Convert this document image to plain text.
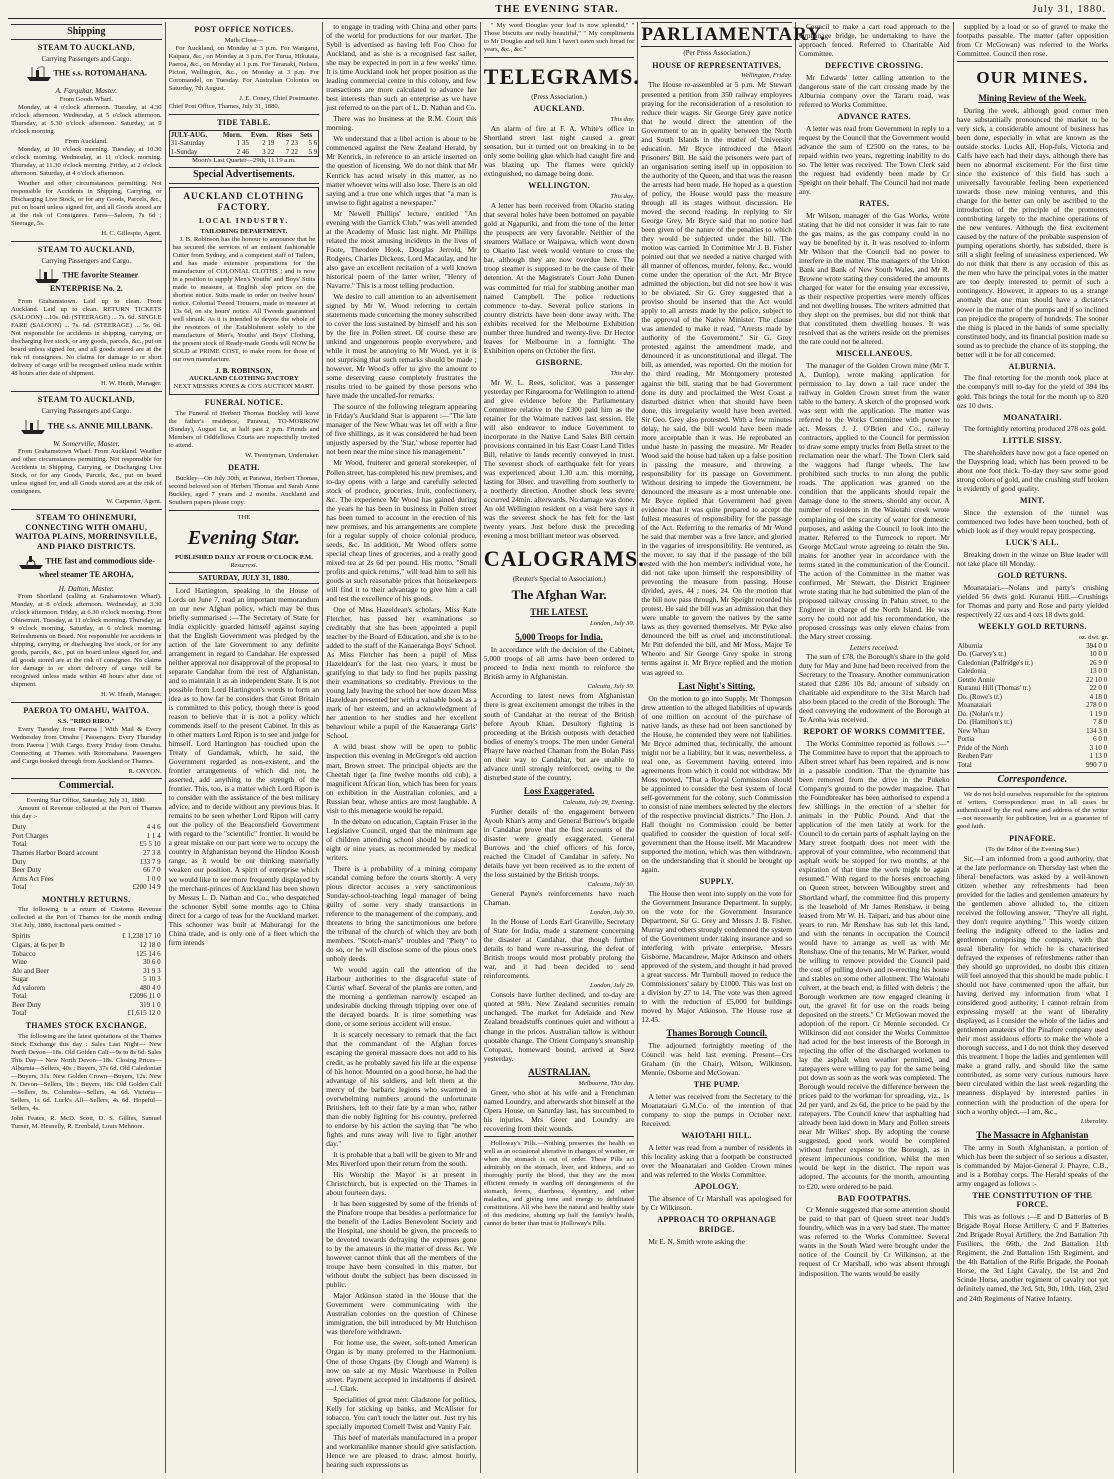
THE EVENING STAR.	July 31, 1880.
Shipping
STEAM TO AUCKLAND,
Carrying Passengers and Cargo.
THE s.s. ROTOMAHANA.
A. Farquhar, Master.
From Goods Wharf.

Monday, at 4 o'clock afternoon. Tuesday, at 4.30 o'clock afternoon. Wednesday, at 5 o'clock afternoon. Thursday, at 5.30 o'clock afternoon. Saturday, at 9 o'clock morning.

From Auckland.

Monday, at 10 o'clock morning. Tuesday, at 10.30 o'clock morning. Wednesday, at 11 o'clock morning. Thursday, at 11.30 o'clock morning. Friday, at 2 o'clock afternoon. Saturday, at 4 o'clock afternoon.

Weather and other circumstances permitting. Not responsible for Accidents in Shipping, Carrying, or Discharging Live Stock, or for any Goods, Parcels, &c., put on board unless signed for, and all Goods stored are at the risk of Consignees. Fares—Saloon, 7s 6d ; Steerage, 5s.

H. C. Gillespie, Agent.
STEAM TO AUCKLAND,
Carrying Passengers and Cargo.
THE favorite Steamer ENTERPRISE No. 2.

From Grahamstown. Laid up to clean. From Auckland. Laid up to clean. RETURN TICKETS (SALOON) ...10s. 0d. (STEERAGE) ... 7s. 6d. SINGLE FARE (SALOON) ... 7s. 6d. (STEERAGE) ... 5s. 0d. Not responsible for accidents in shipping, carrying, or discharging live stock, or any goods, parcels, &c., put on board unless signed for, and all goods stored are at the risk of consignees. No claims for damage to or short delivery of cargo will be recognised unless made within 48 hours after date of shipment.

H. W. Heath, Manager.
STEAM TO AUCKLAND,
Carrying Passengers and Cargo.
THE s.s. ANNIE MILLBANK.
W. Somerville, Master.

From Grahamstown Wharf. From Auckland. Weather and other circumstances permitting. Not responsible for Accidents in Shipping, Carrying, or Discharging Live Stock, or for any Goods, Parcels, &c., put on board unless signed for, and all Goods stored are at the risk of consignees.

W. Carpenter, Agent.
STEAM TO OHINEMURI, CONNECTING WITH OMAHU, WAITOA PLAINS, MORRINSVILLE, AND PIAKO DISTRICTS.
THE fast and commodious side-wheel steamer TE AROHA,
H. Dalton, Master.

From Shortland (calling at Grahamstown Wharf). Monday, at 8 o'clock afternoon. Wednesday, at 3.30 o'clock afternoon. Friday, at 6.30 o'clock morning. From Ohinemuri. Tuesday, at 11 o'clock morning. Thursday, at 9 o'clock morning. Saturday, at 6 o'clock morning. Refreshments on Board. Not responsible for accidents in shipping, carrying, or discharging live stock, or for any goods, parcels, &c., put on board unless signed for, and all goods stored are at the risk of consignee. No claims for damage to or short delivery of cargo will be recognised unless made within 48 hours after date of shipment.

H. W. Heath, Manager.
PAEROA TO OMAHU, WAITOA.
S.S. "RIRO RIRO."

Every Tuesday from Paeroa | With Mail & Every Wednesday from Omahu | Passengers. Every Thursday from Paeroa | With Cargo. Every Friday from Omahu. Connecting at Thames with Rotomahana. Passengers and Cargo booked through from Auckland or Thames.

R. ONYON.
Commercial.
Evening Star Office, Saturday, July 31, 1880.

Amount of Revenue collected at the Port of Thames this day :-

Duty	4 4 6
Port Charges	1 1 4
Total	£5 5 10
Thames Harbor Board account	27 3 8
Duty	133 7 9
Beer Duty	66 7 0
Arms Act Fees	1 0 0
Total	£200 14 9
MONTHLY RETURNS.

The following is a return of Customs Revenue collected at the Port of Thames for the month ending 31st July, 1880, fractional parts omitted :-

Spirits	£ 1,238 17 10
Cigars, at 6s per lb	12 18 0
Tobacco	125 14 6
Wine	30 6 0
Ale and Beer	31 9 3
Sugar	5 10 3
Ad valorem	480 4 0
Total	£2096 11 0
Beer Duty	319 1 0
Total	£1,615 12 0
THAMES STOCK EXCHANGE.

The following are the latest quotations of the Thames Stock Exchange this day : Sales Last Night— New North Devon—18s. Old Golden Calf—9s to 8s 6d. Sales This Day— New North Devon—18s. Closing Prices— Alburnia—Sellers, 40s ; Buyers, 37s 6d. Old Caledonian—Buyers, 31s. New Golden Crown—Buyers, 12s. New N. Devon—Sellers, 18s ; Buyers, 18s. Old Golden Calf—Sellers, 9s. Columbia—Sellers, 4s 6d. Victoria—Sellers, 1s 6d. Luck's All—Sellers, 4s 6d. Hopeful—Sellers, 4s.

John Feates, R. McD. Scott, D. S. Gillies, Samuel Turner, M. Hesnelly, R. Erenbald, Louis Mehnore.

POST OFFICE NOTICES.
Mails Close—

For Auckland, on Monday at 3 p.m. For Wangarei, Kaipara, &c., on Monday at 3 p.m. For Turua, Hikutaia, Paeroa, &c., on Monday at 1 p.m. For Taranaki, Nelson, Picton, Wellington, &c., on Monday at 3 p.m. For Coromandel, on Tuesday. For Australian Colonies on Saturday, 7th August.

J. E. Coney, Chief Postmaster.
Chief Post Office, Thames, July 31, 1880.
TIDE TABLE.
JULY-AUG.	Morn.	Even.	Rises	Sets
31-Saturday	1 35	2 19	7 23	5 6
1-Sunday	2 46	3 22	7 22	5 9
Moon's Last Quarter—29th, 11.19 a.m.
Special Advertisements.
AUCKLAND CLOTHING FACTORY.
LOCAL INDUSTRY.
TAILORING DEPARTMENT.

J. B. Robinson has the honour to announce that he has secured the services of an eminent fashionable Cutter from Sydney, and a competent staff of Tailors, and has made extensive preparations for the manufacture of COLONIAL CLOTHS ; and is now in a position to supply Men's Youths' and Boys' Suits made to measure, at English slop prices on the shortest notice. Suits made to order on twelve hours' notice. Colonial Tweed Trousers, made to measure at 13s 6d, on six hours' notice. All Tweeds guaranteed well shrunk. As it is intended to devote the whole of the resources of the Establishment solely to the manufacture of Men's, Youths' and Boys' Clothing, the present stock of Ready-made Goods will NOW be SOLD at PRIME COST, to make room for those of our own manufacture.

J. B. ROBINSON,
AUCKLAND CLOTHING FACTORY
NEXT MESSRS JONES & CO'S AUCTION MART.
FUNERAL NOTICE.

The Funeral of Herbert Thomas Buckley will leave the father's residence, Parawai, TO-MORROW (Sunday), August 1st, at half past 2 p.m. Friends and Members of Oddfellows Courts are respectfully invited to attend.

W. Twentyman, Undertaker.
DEATH.

Buckley—On July 30th, at Parawai, Herbert Thomas, second beloved son of Herbert Thomas and Sarah Anne Buckley, aged 7 years and 2 months. Auckland and Southern papers please copy.

THE
Evening Star.
PUBLISHED DAILY AT FOUR O'CLOCK P.M.
Resurrexi.
SATURDAY, JULY 31, 1880.

Lord Hartington, speaking in the House of Lords on June 7, read an important memorandum on our new Afghan policy, which may be thus briefly summarised :—The Secretary of State for India explicitly guarded himself against saying that the English Government was pledged by the action of the late Government to any definite arrangement in regard to Candahar. He expressed neither approval nor disapproval of the proposal to separate Candahar from the rest of Afghanistan, and to maintain it as an independent State. It is not possible from Lord Hartington's words to form an idea as to how far he considers that Great Britain is committed to this policy, though there is good reason to believe that it is not a policy which commends itself to the present Cabinet. In this as in other matters Lord Ripon is to see and judge for himself. Lord Hartington has touched upon the Treaty of Gandamak, which, he said, the Government regarded as non-existent, and the frontier arrangements of which did not, he asserted, add anything to the strength of the frontier. This, too, is a matter which Lord Ripon is to consider with the assistance of the best military advice, and to decide without any previous bias. It remains to be seen whether Lord Ripon will carry out the policy of the Beaconsfield Government with regard to the "scientific" frontier. It would be a great mistake on our part were we to occupy the country in Afghanistan beyond the Hindoo Koosh range, as it would be our thinking materially weaken our position. A spirit of enterprise which we would like to see more frequently displayed by the merchant-princes of Auckland has been shown by Messrs L. D. Nathan and Co., who despatched the schooner Sybil some months ago to China direct for a cargo of teas for the Auckland market. This schooner was built at Mahurangi for the China trade, and is only one of a fleet which the firm intends

to engage in trading with China and other parts of the world for productions for our market. The Sybil is advertised as having left Foo Choo for Auckland, and as she is a recognised fast sailer, she may be expected in port in a few weeks' time. It is time Auckland took her proper position as the leading commercial centre in this colony, and few transactions are more calculated to advance her best interests than such an enterprise as we have just referred to on the part of L. D. Nathan and Co.

There was no business at the R.M. Court this morning.

We understand that a libel action is about to be commenced against the New Zealand Herald, by Mr Kenrick, in reference to an article inserted on the question of licensing. We do not think that Mr Kenrick has acted wisely in this matter, as no matter whoever wins will also lose. There is an old saying and a true one which urges that "a man is unwise to fight against a newspaper."

Mr Newell Phillips' lecture, entitled "An evening with the Garrick Club," was well attended at the Academy of Music last night. Mr Phillips related the most amusing incidents in the lives of Foote, Theodore Hook, Douglas Jerrold, Mr Rodgers, Charles Dickens, Lord Macaulay, and he also gave an excellent recitation of a well known historical poem of the latter writer, "Henry of Navarre." This is a most telling production.

We desire to call attention to an advertisement signed by Mr W. Wood referring to certain statements made concerning the money subscribed to cover the loss sustained by himself and his son by the fire in Pollen street. Of course these are unkind and ungenerous people everywhere, and while it must be annoying to Mr Wood, yet it is not surprising that such remarks should be made ; however, Mr Wood's offer to give the amount to some deserving cause completely frustrates the results tried to be gained by those persons who have made the uncalled-for remarks.

The source of the following telegram appearing in Friday's Auckland Star is apparent :—"The late manager of the New Whau was let off with a fine of five shillings, as it was considered he had been unjustly aspersed by the 'Star,' whose reporter had not been near the mine since his management."

Mr Wood, fruiterer and general storekeeper, of Pollen street, has completed his new premises, and to-day opens with a large and carefully selected stock of produce, groceries, fruit, confectionery, &c. The experience Mr Wood has gained during the years he has been in business in Pollen street has been turned to account in the erection of his new premises, and his arrangements are complete for a regular supply of choice colonial produce, seeds, &c. In addition, Mr Wood offers some special cheap lines of groceries, and a really good mixed tea at 2s 6d per pound. His motto, "Small profits and quick returns," will lead him to sell his goods at such reasonable prices that housekeepers will find it to their advantage to give him a call and test the excellence of his goods.

One of Miss Hazeldean's scholars, Miss Kate Fletcher, has passed her examinations so creditably that she has been appointed a pupil teacher by the Board of Education, and she is to be added to the staff of the Kauaeranga Boys' School. As Miss Fletcher has been a pupil of Miss Hazeldean's for the last two years, it must be gratifying to that lady to find her pupils passing their examinations so creditably. Previous to the young lady leaving the school her now dozen Miss Hazeldean presented her with a valuable book as a mark of her esteem, and an acknowledgment of her attention to her studies and her excellent behaviour while a pupil of the Kauaeranga Girls' School.

A wild beast show will be open to public inspection this evening in McGregor's old auction mart, Brown street. The principal objects are the Cheetah tiger (a fine twelve months old cub), a magnificent African lion, which has been for years on exhibition in the Australian colonies, and a Russian bear, whose antics are most laughable. A visit to this menagerie would be repaid.

In the debate on education, Captain Fraser in the Legislative Council, urged that the minimum age of children attending school should be raised to eight or nine years, as recommended by medical writers.

There is a probability of a mining company scandal coming before the courts shortly. A very pious director accuses a very sanctimonious Sunday-school-teaching legal manager of being guilty of some very shady transactions in reference to the management of the company, and threatens to bring the sanctimonious one before the tribunal of the church of which they are both members. "Scotch-man's" troubles and "Piety" to do so, or he will disclose some of the pious one's unholy deeds.

We would again call the attention of the Harbour authorities to the disgraceful state of Curtis' wharf. Several of the planks are rotten, and the morning a gentleman narrowly escaped an undesirable ducking through tripping over one of the decayed boards. It is time something was done, or some serious accident will ensue.

It is scarcely necessary to remark that the fact that the commandant of the Afghan forces escaping the general massacre does not add to his credit, as he probably saved his life at the expense of his honor. Mounted on a good horse, he had the advantage of his soldiers, and left them at the mercy of the barbaric legions who swarmed in overwhelming numbers around the unfortunate Britishers, left to their fate by a man who, rather than die nobly fighting for his country, preferred to endorse by his action the saying that "he who fights and runs away will live to fight another day."

It is probable that a ball will be given to Mr and Mrs Riverford upon their return from the south.

His Worship the Mayor is at present in Christchurch, but is expected on the Thames in about fourteen days.

It has been suggested by some of the friends of the Pinafore troupe that besides a performance for the benefit of the Ladies Benevolent Society and the Hospital, one should be given, the proceeds to be devoted towards defraying the expenses gone to by the amateurs in the matter of dress &c. We however cannot think that all the members of the troupe have been consulted in this matter, but without doubt the subject has been discussed in public.

Major Atkinson stated in the House that the Government were communicating with the Australian colonies on the question of Chinese immigration, the bill introduced by Mr Hutchison was therefore withdrawn.

For home use, the sweet, soft-toned American Organ is by many preferred to the Harmonium. One of those Organs (by Clough and Warren) is now on sale at my Music Warehouse in Pollen street. Payment accepted in instalments if desired.—J. Clark.

Specialities of great men: Gladstone for politics, Kelly for sticking up banks, and McAlister for tobacco. You can't touch the latter out. Just try his specially imported Cornell Twist and Vanity Fair.

This beef of materials manufactured in a proper and workmanlike manner should give satisfaction. Hence we are pleased to draw, almost hourly, hearing such expressions as

" My word Douglas your loaf is now splendid," " Those biscuits are really beautiful," " My compliments to Mr Douglas and tell him I havn't eaten such bread for years, &c., &c."

TELEGRAMS.
(Press Association.)
AUCKLAND.
This day.

An alarm of fire at F. A. White's office in Shortland street last night caused a great sensation, but it turned out on breaking in to be only some boiling glue which had caught fire and was blazing up. The flames were quickly extinguished, no damage being done.

WELLINGTON.
This day.

A letter has been received from Okarito stating that several holes have been bottomed on payable gold at Ngapuriki, and from the tone of the letter the prospects are very favorable. Neither of the steamers Wallace or Waipawa, which went down to Okarito last week would venture to cross the bar, although they are now overdue here. The troop steamer is supposed to be the cause of their detention. At the Magistrate's Court John Dunen was committed for trial for stabbing another man named Campbell. The police reductions commence to-day. Several police stations in country districts have been done away with. The exhibits received for the Melbourne Exhibition number three hundred and twenty-five. Dr Hector leaves for Melbourne in a fortnight. The Exhibition opens on October the first.

GISBORNE.
This day.

Mr W. L. Rees, solicitor, was a passenger yesterday per Ringarooma for Wellington to attend and give evidence before the Parliamentary Committee relative to the £300 paid him as the retainer for the Waimate natives last session. He will also endeavor to induce Government to incorporate in the Native Land Sales Bill certain provisions contained in his East Coast Land Titles Bill, relative to lands recently conveyed in trust. The severest shock of earthquake felt for years was experienced about 1.30 a.m. this morning, lasting for 30sec. and travelling from southerly to a northerly direction. Another shock less severe occurred 24min. afterwards. No damage was done. An old Wellington resident on a visit here says it was the severest shock he has felt for the last twenty years. Just before dusk the preceding evening a most brilliant meteor was observed.

CALOGRAMS.
(Reuter's Special to Association.)
The Afghan War.
THE LATEST.
London, July 30.
5,000 Troops for India.

In accordance with the decision of the Cabinet, 5,000 troops of all arms have been ordered to proceed to India next month to reinforce the British army in Afghanistan.

Calcutta, July 30.

According to latest news from Afghanistan there is great excitement amongst the tribes in the south of Candahar at the retreat of the British before Ayoub Khan. Desultory fighting is proceeding at the British outposts with detached bodies of enemy's troops. The men under General Phayre have reached Chaman from the Bolan Pass on their way to Candahar, but are unable to advance until strongly reinforced, owing to the disturbed state of the country.

Loss Exaggerated.
Calcutta, July 29, Evening.

Further details of the engagement between Ayoub Khan's army and General Burrow's brigade in Candahar prove that the first accounts of the disaster were greatly exaggerated. General Burrows and the chief officers of his force, reached the Citadel of Candahar in safety. No details have yet been received as to the extent of the loss sustained by the British troops.

Calcutta, July 30.

General Payne's reinforcements have reach Chaman.

London, July 30.

In the House of Lords Earl Granville, Secretary of State for India, made a statement concerning the disaster at Candahar, that though further details to hand were re-assuring, the defeat of British troops would most probably prolong the war, and it had been decided to send reinforcements.

London, July 29.

Consols have further declined, and to-day are quoted at 98¾. New Zealand securities remain unchanged. The market for Adelaide and New Zealand breadstuffs continues quiet and without a change in the prices. Australian tallow is without quotable change. The Orient Company's steamship Cotopaxi, homeward bound, arrived at Suez yesterday.

AUSTRALIAN.
Melbourne, This day.

Greer, who shot at his wife and a Frenchman named Loundry, and afterwards shot himself at the Opera House, on Saturday last, has succumbed to his injuries. Mrs Greer and Loundry are recovering from their wounds.

Holloway's Pills.—Nothing preserves the health so well as an occasional alterative in changes of weather, or when the stomach is out of order. These Pills act admirably on the stomach, liver, and kidneys, and so thoroughly purify the blood, that they are the most efficient remedy in warding off derangements of the stomach, fevers, diarrhoea, dysentery, and other maladies, and giving tone and energy to debilitated constitutions. All who have the natural and healthy state of this medicine, shutting up half the family's health, cannot do better than trust to Holloway's Pills.

PARLIAMENTARY.
(Per Press Association.)
HOUSE OF REPRESENTATIVES.
Wellington, Friday.

The House re-assembled at 5 p.m. Mr Stewart presented a petition from 350 railway employees praying for the reconsideration of a resolution to reduce their wages. Sir George Grey gave notice that he would direct the attention of the Government to an in quality between the North and South Islands in the matter of University education. Mr Bryce introduced the Maori Prisoners' Bill. He said the prisoners were part of an organisation setting itself up in opposition to the authority of the Queen, and that was the reason the arrests had been made. He hoped as a question of policy, the House would pass the measure through all its stages without discussion. He moved the second reading. In replying to Sir George Grey, Mr Bryce said that no notice had been given of the nature of the penalties to which they would be subjected under the bill. The motion was carried. In Committee Mr J. B. Fisher pointed out that we needed a native charged with all manner of offences, murder, felony, &c., would come under the operation of the Act. Mr Bryce admitted the objection, but did not see how it was to be obviated. Sir G. Grey suggested that a proviso should be inserted that the Act would apply to all arrests made by the police, subject to the approval of the Native Minister. The clause was amended to make it read, "Arrests made by authority of the Government." Sir G. Grey protested against the amendment made, and denounced it as unconstitutional and illegal. The bill, as amended, was reported. On the motion for the third reading, Mr Montgomery protested against the bill, stating that he had Government done its duty and proclaimed the West Coast a disturbed district when that should have been done, this irregularity would have been averted. Sir Geo. Grey also protested. With a few minutes delay, he said, the bill would have been made more acceptable than it was. He reprobated an undue haste in passing the measure. Mr Reader Wood said the house had taken up a false position in passing the measure, and throwing a responsibility for its passage on Government. Without desiring to impede the Government, he denounced the measure as a most untenable one. Mr Bryce replied that Government had given evidence that it was quite prepared to accept the fullest measures of responsibility for the passage of the Act. Referring to the remarks of Mr Wood he said that member was a free lance, and gloried in the vagaries of irresponsibility. He ventured, as the mover, to say that if the passage of the bill rested with the hon member's individual vote, he did not take upon himself the responsibility of preventing the measure from passing. House divided, ayes, 44 ; noes, 24. On the motion that the bill now pass through, Mr Speight recorded his protest. He said the bill was an admission that they were unable to govern the natives by the same laws as they governed themselves. Mr Pyke also denounced the bill as cruel and unconstitutional. Mr Pitt defended the bill, and Mr Moss, Major Te Wheoro and Sir George Grey spoke in strong terms against it. Mr Bryce replied and the motion was agreed to.

Last Night's Sitting.

On the motion to go into Supply, Mr Thompson drew attention to the alleged liabilities of upwards of one million on account of the purchase of native lands, as these had not been sanctioned by the House, he contended they were not liabilities. Mr Bryce admitted that, technically, the amount might not be a liability, but it was, nevertheless, a real one, as Government having entered into agreements from which it could not withdraw. Mr Moss moved, "That a Royal Commission should be appointed to consider the best system of local self-government for the colony, such Commission to consist of nine members selected by the electors of the respective provincial districts." The Hon. J. Hall thought no Commission could be better qualified to consider the question of local self-government than the House itself. Mr Macandrew supported the motion, which was then withdrawn, on the understanding that it should be brought up again.

SUPPLY.

The House then went into supply on the vote for the Government Insurance Department. In supply, on the vote for the Government Insurance Department, Sir G. Grey and Messrs J. B. Fisher, Murray and others strongly condemned the system of the Government under taking insurance and so interfering with private enterprise. Messrs Gisborne, Macandrew, Major Atkinson and others approved of the system, and thought it had proved a great success. Mr Turnbull moved to reduce the Commissioners' salary by £1000. This was lost on a division by 27 to 14. The vote was then agreed to with the reduction of £5,000 for buildings moved by Major Atkinson. The House rose at 12.45.

Thames Borough Council.

The adjourned fortnightly meeting of the Council was held last evening. Present—Crs Graham (in the Chair), Wilson, Wilkinson, Mennie, Osborne and McGowan.

THE PUMP.

A letter was received from the Secretary to the Moanataiari G.M.Co. of the intention of that company to stop the pumps in October next. Received.

WAIOTAHI HILL.

A letter was read from a number of residents in this locality asking that a footpath be constructed over the Moanataiari and Golden Crown mines and was referred to the Works Committee.

APOLOGY.

The absence of Cr Marshall was apologised for by Cr Wilkinson.

APPROACH TO ORPHANAGE BRIDGE.

Mr E. N. Smith wrote asking the

Council to make a cart road approach to the Orphanage bridge, he undertaking to have the approach fenced. Referred to Charitable Aid Committee.

DEFECTIVE CROSSING.

Mr Edwards' letter calling attention to the dangerous state of the cart crossing made by the Alburnia company over the Tararu road, was referred to Works Committee.

ADVANCE RATES.

A letter was read from Government in reply to a request by the Council that the Government would advance the sum of £2500 on the rates, to be repaid within two years, regretting inability to do so. The letter was received. The Town Clerk said the request had evidently been made by Cr Speight on their behalf. The Council had not made any.

RATES.

Mr Wilson, manager of the Gas Works, wrote stating that he did not consider it was fair to rate the gas mains, as the gas company could in no way be benefited by it. It was resolved to inform Mr Wilson that the Council had no power to interfere in the matter. The managers of the Union Bank and Bank of New South Wales, and Mr R. Browne wrote stating they considered the amounts charged for water for the ensuing year excessive, as their respective properties were merely offices and not dwelling houses. The writers admitted that they slept on the premises, but did not think that that constituted them dwelling houses. It was resolved that as the writers reside on the premises the rate could not be altered.

MISCELLANEOUS.

The manager of the Golden Crown mine (Mr T. A. Dunlop), wrote making application for permission to lay down a tail race under the railway in Golden Crown street from the water table to the battery. A sketch of the proposed work was sent with the application. The matter was referred to the Works Committee with power to act. Messrs J. J. O'Brien and Co., railway contractors, applied to the Council for permission to draw some empty trucks from Bella street to the reclamation near the wharf. The Town Clerk said the waggons had flange wheels. The law prohibited such trucks to run along the public roads. The application was granted on the condition that the applicants should repair the damage done to the streets, should any occur. A number of residents in the Waiotahi creek wrote complaining of the scarcity of water for domestic purposes, and asking the Council to look into the matter. Referred to the Turncock to report. Mr George McCaul wrote agreeing to retain the 9in. mains for another year in accordance with the terms stated in the communication of the Council. The action of the Committee in the matter was confirmed. Mr Stewart, the District Engineer wrote stating that he had submitted the plan of the proposed railway crossing in Pahau street, to the Engineer in charge of the North Island. He was sorry he could not add his recommendation, the proposed crossings was only eleven chains from the Mary street crossing.

Letters received.

The sum of £78, the Borough's share in the gold duty for May and June had been received from the Secretary to the Treasury. Another communication stated that £286 10s 8d, amount of subsidy on charitable aid expenditure to the 31st March had also been placed to the credit of the Borough. The deed conveying the endowment of the Borough at Te Aroha was received.

REPORT OF WORKS COMMITTEE.

The Works Committee reported as follows :—" The Committee have to report that the approach to Albert street wharf has been repaired, and is now in a passable condition. That the dynamite has been removed from the drive in the Pukeko Company's ground to the powder magazine. That the Foundbreaker has been authorised to expend a few shillings in the erection of a shelter for animals in the Public Pound. And that the application of the men lately at work for the Council to do certain parts of asphalt laying on the Mary street footpath does not meet with the approval of your committee, who recommend that asphalt work be stopped for two months, at the expiration of that time the work might be again resumed." With regard to the horses encroaching on Queen street, between Willoughby street and Shortland wharf, the committee find this property is the leasehold of Mr James Renshaw, it being leased from Mr W. H. Taipari, and has about nine years to run. Mr Renshaw has sub let this land, and with the tenants in occupation the Council would have to arrange as well as with Mr Renshaw. One of the tenants, Mr W. Parker, would be willing to remove provided the Council paid the cost of pulling down and re-erecting his house and stables on some other allotment. The Waiotahi culvert, at the beach end, is filled with debris ; the Borough workmen are now engaged cleaning it out, the gravel fit for use on the roads being deposited on the streets." Cr McGowan moved the adoption of the report. Cr Mennie seconded. Cr Wilkinson did not consider the Works Committee had acted for the best interests of the Borough in rejecting the offer of the discharged workmen to lay the asphalt when weather permitted, and ratepayers were willing to pay for the same being put down as soon as the work was completed. The Borough would receive the difference between the prices paid to the workman for spreading, viz., 1s 2d per yard, and 2s 6d, the price to be paid by the ratepayers. The Council knew that asphalting had already been laid down in Mary and Pollen streets near Mr Wilkes' shop. By adopting the course suggested, good work would be completed without further expense to the Borough, as in present impecunious condition, whilst the men would be kept in the district. The report was adopted. The accounts for the month, amounting to £20, were ordered to be paid.

BAD FOOTPATHS.

Cr Mennie suggested that some attention should be paid to that part of Queen street near Judd's foundry, which was in a very bad state. The matter was referred to the Works Committee. Several wants in the South Ward were brought under the notice of the Council by Cr Wilkinson, at the request of Cr Marshall, who was absent through indisposition. The wants would be easily

supplied by a load or so of gravel to make the footpaths passable. The matter (after opposition from Cr McGowan) was referred to the Works Committee. Council then rose.

OUR MINES.
Mining Review of the Week.

During the week, although good corner men have substantially pronounced the market to be very sick, a considerable amount of business has been done, especially in what are known as the outside stocks. Lucks All, Hop-fuls, Victoria and Calfs have each had their days, although there has been no abnormal excitement. For the first time since the existence of this field has such a universally favourable feeling been experienced towards those new mining ventures, and this change for the better can only be ascribed to the introduction of the principle of the promoters contributing largely to the machine operations of the new ventures. Although the first excitement caused by the nature of the probable suspension of pumping operations shortly, has subsided, there is still a slight feeling of uneasiness experienced. We do not think that there is any occasion of this as the men who have the principal votes in the matter are too deeply interested to permit of such a contingency. However, it appears to us a strange anomaly that one man should have a dictator's power in the matter of the pumps and if so inclined can prejudice the property of hundreds. The sooner the thing is placed in the hands of some specially constituted body, and its financial position made so sound as to preclude the chance of its stopping, the better will it be for all concerned.

ALBURNIA.

The final retorting for the month took place at the company's mill to-day for the yield of 394 lbs gold. This brings the total for the month up to 820 ozs 10 dwts.

MOANATAIRI.

The fortnightly retorting produced 278 ozs gold.

LITTLE SISSY.

The shareholders have now got a face opened on the Dayspring lead, which has been proved to be about one foot thick. To-day they saw some good strong colors of gold, and the crushing stuff broken is evidently of good quality.

MINT.

Since the extension of the tunnel was commenced two lodes have been touched, both of which look as if they would repay prospecting.

LUCK'S ALL.

Breaking down in the winze on Blue leader will not take place till Monday.

GOLD RETURNS.

Moanataiari.—Nolans and party's crushing yielded 56 dwts gold. Kuranui Hill.—Crushings for Thomas and party and Rose and party yielded respectively 22 ozs and 4 ozs 18 dwts gold.

WEEKLY GOLD RETURNS.
oz. dwt. gr.
Alburnia	394 0 0
Do. (Garvey's tr.)	10 0 0
Caledonian (Palfridge's tr.)	26 9 0
Caledonia	13 0 0
Gentle Annie	22 10 0
Kuranui Hill (Thomas' tr.)	22 0 0
Do. (Rowe's tr.)	4 18 0
Moanataiari	278 0 0
Do. (Nolan's tr.)	1 19 0
Do. (Hamilton's tr.)	7 8 0
New Whau	134 3 0
Portia	6 0 0
Pride of the North	3 10 0
Reuben Parr	1 13 0
Total	990 7 0
Correspondence.

We do not hold ourselves responsible for the opinions of writers. Correspondence must in all cases be authenticated by the real name and address of the writer—not necessarily for publication, but as a guarantee of good faith.

PINAFORE.
(To the Editor of the Evening Star.)

Sir,—I am informed from a good authority, that at the late performance on Thursday last when the liberal benefactors was asked by a well-known citizen whether any refreshments had been provided for the ladies and gentlemen amateurs by the gentlemen above alluded to, the citizen received the following answer, "They're all right, they don't require anything." This wordy citizen feeling the indignity offered to the ladies and gentlemen comprising the company, with that usual liberality for which he is characterised defrayed the expenses of refreshments rather than they should go unprovided, no doubt this citizen will feel annoyed that this should be made public. I should not have commented upon the affair, but having derived my information from what I considered good authority, I cannot refrain from expressing myself at the want of liberality displayed, as I consider the whole of the ladies and gentlemen amateurs of the Pinafore company used their most assiduous efforts to make the whole a thorough success, and I do not think they deserved this treatment. I hope the ladies and gentlemen will make a grand rally, and should like the same contributed, as some very curious rumours have been circulated within the last week regarding the meanness displayed by interested parties in connection with the production of the opera for such a worthy object.—I am, &c.,

Liberality.
The Massacre in Afghanistan

The army in South Afghanistan, a portion of which has been the subject of so serious a disaster, is commanded by Major-General J. Phayre, C.B., and is a Bombay corps. The Herald speaks of the army engaged as follows :-

THE CONSTITUTION OF THE FORCE.

This was as follows :—E and D Batteries of B Brigade Royal Horse Artillery, C and F Batteries 2nd Brigade Royal Artillery, the 2nd Battalion 7th Fusiliers, the 66th, the 2nd Battalion 11th Regiment, the 2nd Battalion 15th Regiment, and the 4th Battalion of the Rifle Brigade, the Poonah Horse, the 3rd Light Cavalry, the 1st and 2nd Scinde Horse, another regiment of cavalry not yet definitely named, the 3rd, 5th, 9th, 10th, 16th, 23rd and 24th Regiments of Native Infantry.
